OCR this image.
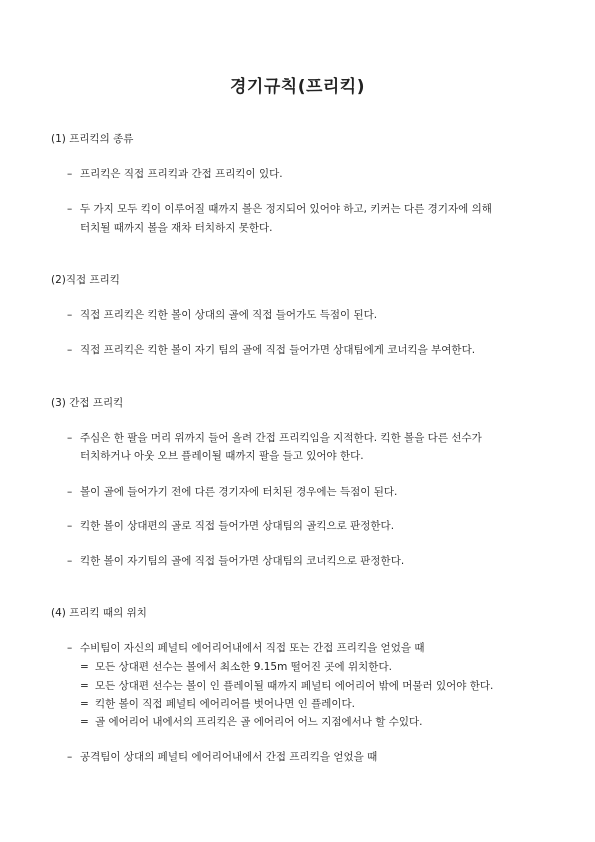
경기규칙(프리킥)
(1) 프리킥의 종류
– 프리킥은 직접 프리킥과 간접 프리킥이 있다.
– 두 가지 모두 킥이 이루어질 때까지 볼은 정지되어 있어야 하고, 키커는 다른 경기자에 의해
터치될 때까지 볼을 재차 터치하지 못한다.
(2)직접 프리킥
– 직접 프리킥은 킥한 볼이 상대의 골에 직접 들어가도 득점이 된다.
– 직접 프리킥은 킥한 볼이 자기 팀의 골에 직접 들어가면 상대팀에게 코너킥을 부여한다.
(3) 간접 프리킥
– 주심은 한 팔을 머리 위까지 들어 올려 간접 프리킥임을 지적한다. 킥한 볼을 다른 선수가
터치하거나 아웃 오브 플레이될 때까지 팔을 들고 있어야 한다.
– 볼이 골에 들어가기 전에 다른 경기자에 터치된 경우에는 득점이 된다.
– 킥한 볼이 상대편의 골로 직접 들어가면 상대팀의 골킥으로 판정한다.
– 킥한 볼이 자기팀의 골에 직접 들어가면 상대팀의 코너킥으로 판정한다.
(4) 프리킥 때의 위치
– 수비팀이 자신의 페널티 에어리어내에서 직접 또는 간접 프리킥을 얻었을 때
= 모든 상대편 선수는 볼에서 최소한 9.15m 떨어진 곳에 위치한다.
= 모든 상대편 선수는 볼이 인 플레이될 때까지 페널티 에어리어 밖에 머물러 있어야 한다.
= 킥한 볼이 직접 페널티 에어리어를 벗어나면 인 플레이다.
= 골 에어리어 내에서의 프리킥은 골 에어리어 어느 지점에서나 할 수있다.
– 공격팀이 상대의 페널티 에어리어내에서 간접 프리킥을 얻었을 때
